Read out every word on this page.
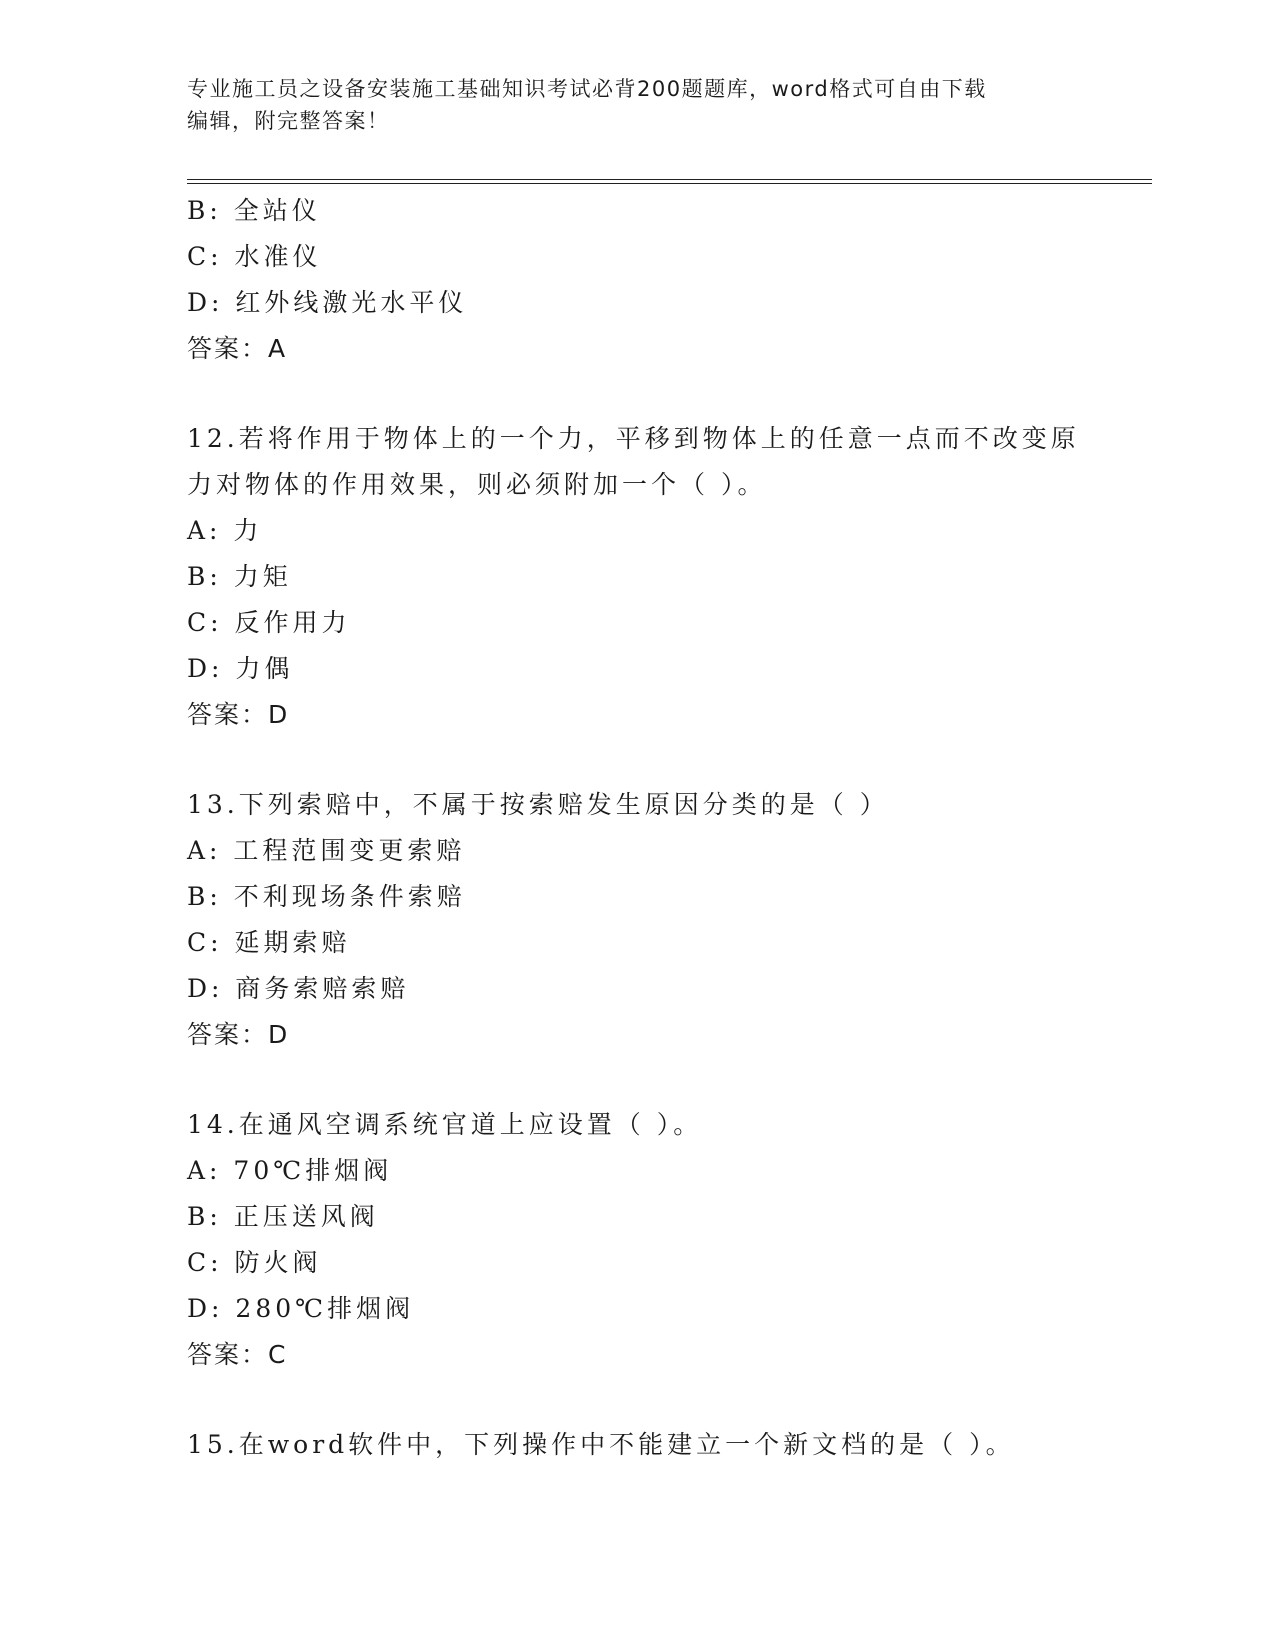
专业施工员之设备安装施工基础知识考试必背200题题库，word格式可自由下载
编辑，附完整答案！
B: 全站仪
C: 水准仪
D: 红外线激光水平仪
答案：A
12.若将作用于物体上的一个力，平移到物体上的任意一点而不改变原
力对物体的作用效果，则必须附加一个（ ）。
A: 力
B: 力矩
C: 反作用力
D: 力偶
答案：D
13.下列索赔中，不属于按索赔发生原因分类的是（ ）
A: 工程范围变更索赔
B: 不利现场条件索赔
C: 延期索赔
D: 商务索赔索赔
答案：D
14.在通风空调系统官道上应设置（ ）。
A: 70℃排烟阀
B: 正压送风阀
C: 防火阀
D: 280℃排烟阀
答案：C
15.在word软件中，下列操作中不能建立一个新文档的是（ ）。
